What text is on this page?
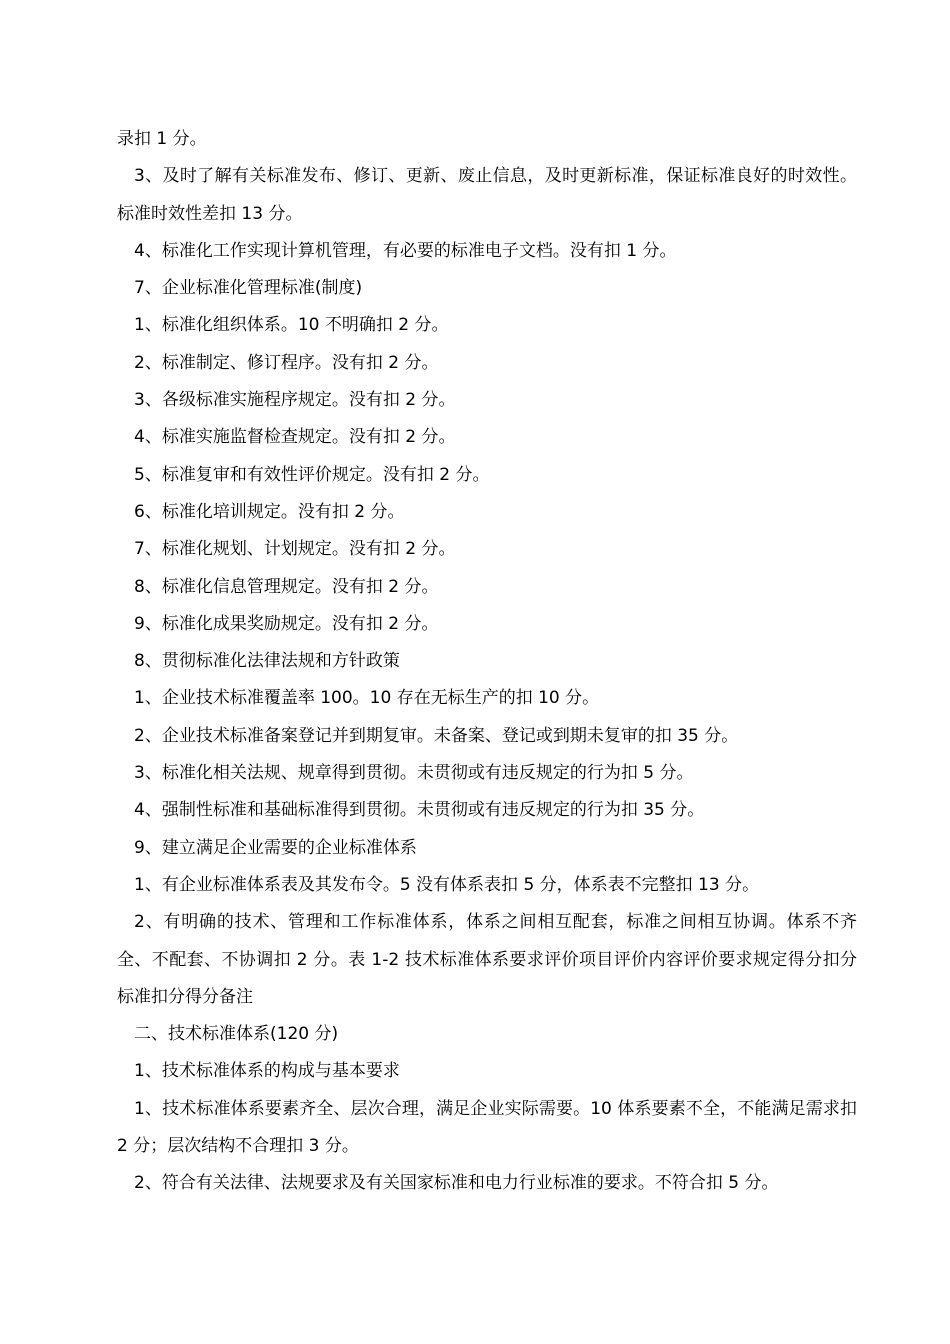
录扣 1 分。

3、及时了解有关标准发布、修订、更新、废止信息，及时更新标准，保证标准良好的时效性。标准时效性差扣 13 分。

4、标准化工作实现计算机管理，有必要的标准电子文档。没有扣 1 分。

7、企业标准化管理标准(制度)

1、标准化组织体系。10 不明确扣 2 分。

2、标准制定、修订程序。没有扣 2 分。

3、各级标准实施程序规定。没有扣 2 分。

4、标准实施监督检查规定。没有扣 2 分。

5、标准复审和有效性评价规定。没有扣 2 分。

6、标准化培训规定。没有扣 2 分。

7、标准化规划、计划规定。没有扣 2 分。

8、标准化信息管理规定。没有扣 2 分。

9、标准化成果奖励规定。没有扣 2 分。

8、贯彻标准化法律法规和方针政策

1、企业技术标准覆盖率 100。10 存在无标生产的扣 10 分。

2、企业技术标准备案登记并到期复审。未备案、登记或到期未复审的扣 35 分。

3、标准化相关法规、规章得到贯彻。未贯彻或有违反规定的行为扣 5 分。

4、强制性标准和基础标准得到贯彻。未贯彻或有违反规定的行为扣 35 分。

9、建立满足企业需要的企业标准体系

1、有企业标准体系表及其发布令。5 没有体系表扣 5 分，体系表不完整扣 13 分。

2、有明确的技术、管理和工作标准体系，体系之间相互配套，标准之间相互协调。体系不齐全、不配套、不协调扣 2 分。表 1-2 技术标准体系要求评价项目评价内容评价要求规定得分扣分标准扣分得分备注

二、技术标准体系(120 分)

1、技术标准体系的构成与基本要求

1、技术标准体系要素齐全、层次合理，满足企业实际需要。10 体系要素不全，不能满足需求扣 2 分；层次结构不合理扣 3 分。

2、符合有关法律、法规要求及有关国家标准和电力行业标准的要求。不符合扣 5 分。
